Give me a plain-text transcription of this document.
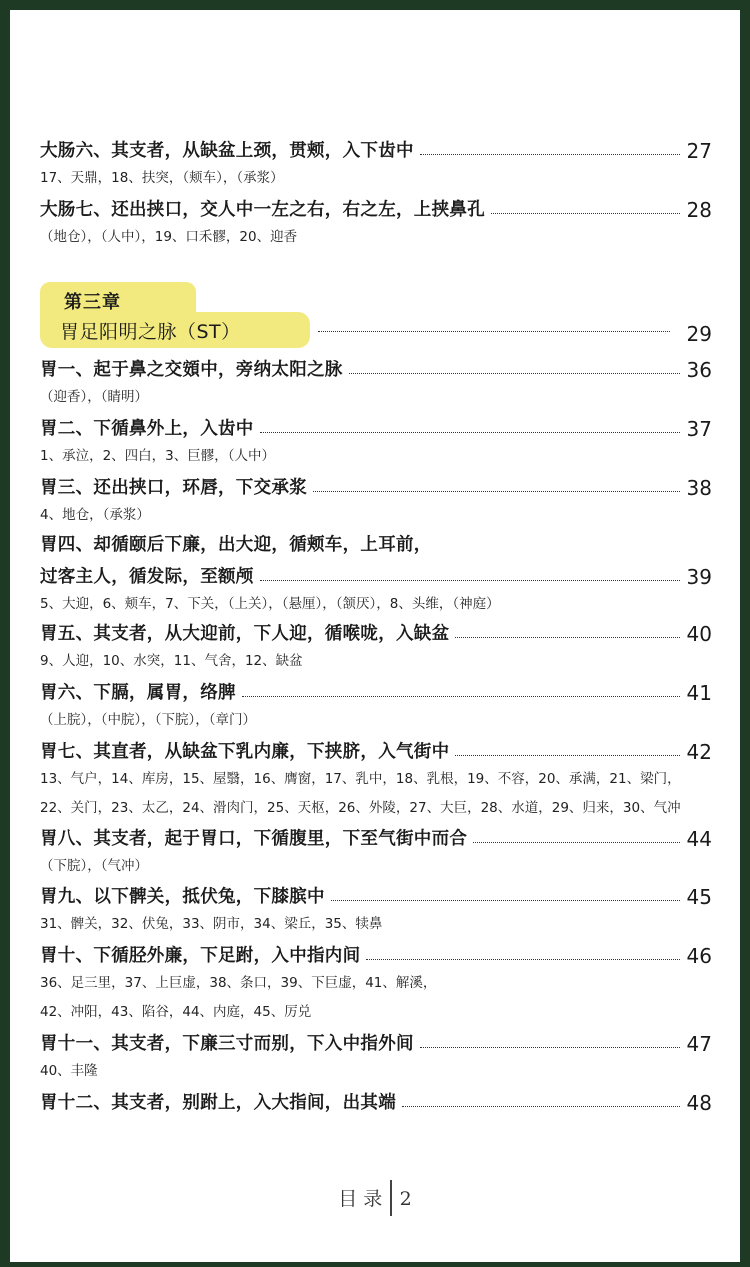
大肠六、其支者，从缺盆上颈，贯颊，入下齿中	27
17、天鼎，18、扶突，（颊车），（承浆）
大肠七、还出挟口，交人中一左之右，右之左，上挟鼻孔	28
（地仓），（人中），19、口禾髎，20、迎香
第三章
胃足阳明之脉（ST）	29
胃一、起于鼻之交頞中，旁纳太阳之脉	36
（迎香），（睛明）
胃二、下循鼻外上，入齿中	37
1、承泣，2、四白，3、巨髎，（人中）
胃三、还出挟口，环唇，下交承浆	38
4、地仓，（承浆）
胃四、却循颐后下廉，出大迎，循颊车，上耳前，
过客主人，循发际，至额颅	39
5、大迎，6、颊车，7、下关，（上关），（悬厘），（颔厌），8、头维，（神庭）
胃五、其支者，从大迎前，下人迎，循喉咙，入缺盆	40
9、人迎，10、水突，11、气舍，12、缺盆
胃六、下膈，属胃，络脾	41
（上脘），（中脘），（下脘），（章门）
胃七、其直者，从缺盆下乳内廉，下挟脐，入气街中	42
13、气户，14、库房，15、屋翳，16、膺窗，17、乳中，18、乳根，19、不容，20、承满，21、梁门，
22、关门，23、太乙，24、滑肉门，25、天枢，26、外陵，27、大巨，28、水道，29、归来，30、气冲
胃八、其支者，起于胃口，下循腹里，下至气街中而合	44
（下脘），（气冲）
胃九、以下髀关，抵伏兔，下膝膑中	45
31、髀关，32、伏兔，33、阴市，34、梁丘，35、犊鼻
胃十、下循胫外廉，下足跗，入中指内间	46
36、足三里，37、上巨虚，38、条口，39、下巨虚，41、解溪，
42、冲阳，43、陷谷，44、内庭，45、厉兑
胃十一、其支者，下廉三寸而别，下入中指外间	47
40、丰隆
胃十二、其支者，别跗上，入大指间，出其端	48
目 录 2
